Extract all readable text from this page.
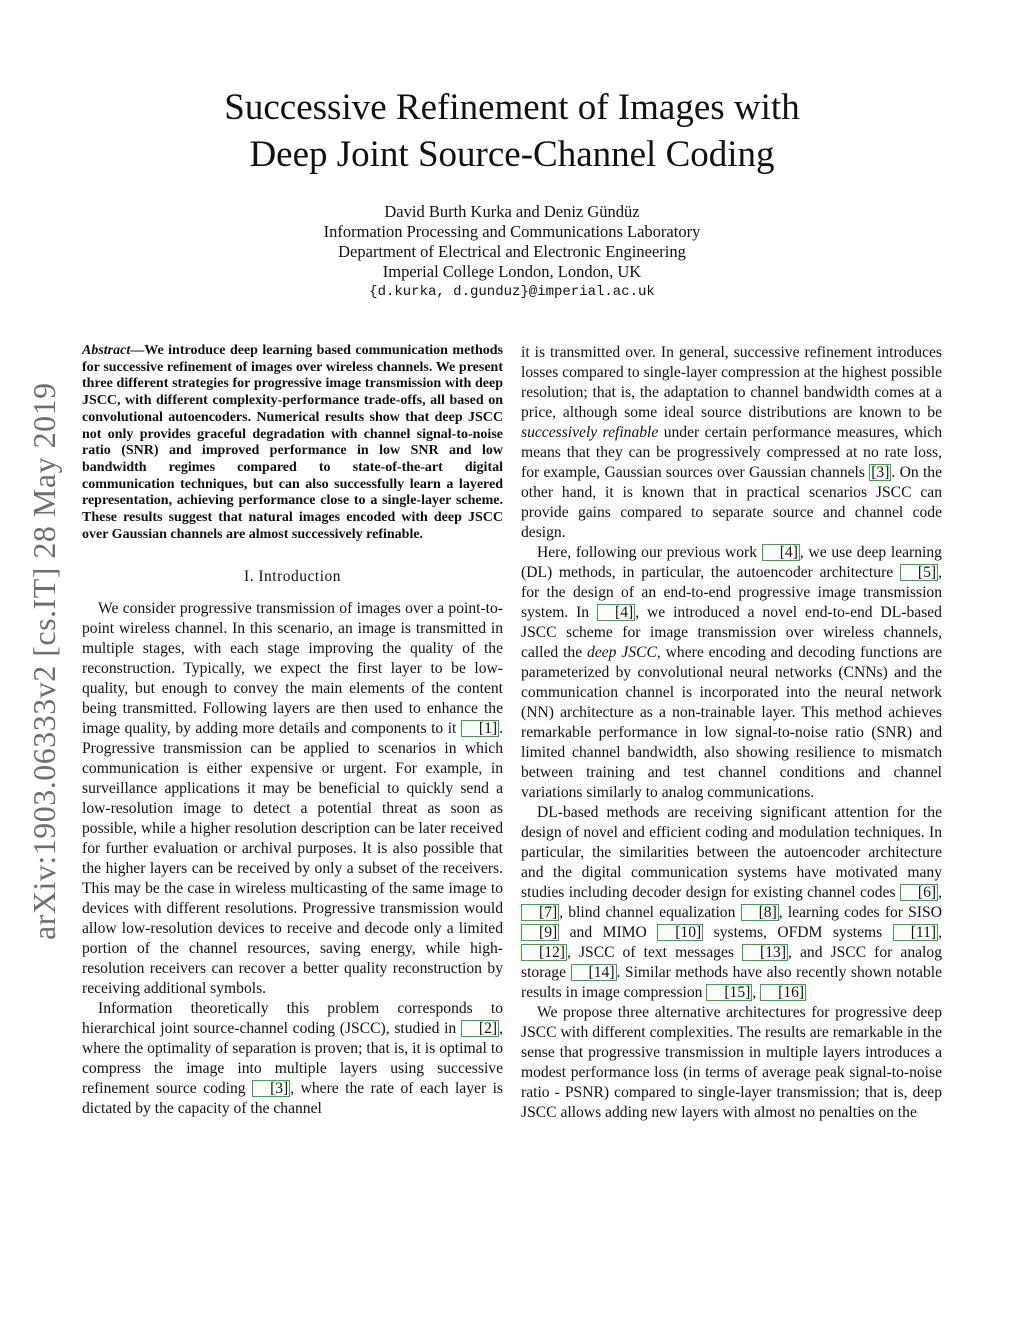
Successive Refinement of Images with
Deep Joint Source-Channel Coding
David Burth Kurka and Deniz Gündüz
Information Processing and Communications Laboratory
Department of Electrical and Electronic Engineering
Imperial College London, London, UK
{d.kurka, d.gunduz}@imperial.ac.uk
arXiv:1903.06333v2 [cs.IT] 28 May 2019

Abstract—We introduce deep learning based communication methods for successive refinement of images over wireless channels. We present three different strategies for progressive image transmission with deep JSCC, with different complexity-performance trade-offs, all based on convolutional autoencoders. Numerical results show that deep JSCC not only provides graceful degradation with channel signal-to-noise ratio (SNR) and improved performance in low SNR and low bandwidth regimes compared to state-of-the-art digital communication techniques, but can also successfully learn a layered representation, achieving performance close to a single-layer scheme. These results suggest that natural images encoded with deep JSCC over Gaussian channels are almost successively refinable.

I. Introduction

We consider progressive transmission of images over a point-to-point wireless channel. In this scenario, an image is transmitted in multiple stages, with each stage improving the quality of the reconstruction. Typically, we expect the first layer to be low-quality, but enough to convey the main elements of the content being transmitted. Following layers are then used to enhance the image quality, by adding more details and components to it [1] . Progressive transmission can be applied to scenarios in which communication is either expensive or urgent. For example, in surveillance applications it may be beneficial to quickly send a low-resolution image to detect a potential threat as soon as possible, while a higher resolution description can be later received for further evaluation or archival purposes. It is also possible that the higher layers can be received by only a subset of the receivers. This may be the case in wireless multicasting of the same image to devices with different resolutions. Progressive transmission would allow low-resolution devices to receive and decode only a limited portion of the channel resources, saving energy, while high-resolution receivers can recover a better quality reconstruction by receiving additional symbols.

Information theoretically this problem corresponds to hierarchical joint source-channel coding (JSCC), studied in [2] , where the optimality of separation is proven; that is, it is optimal to compress the image into multiple layers using successive refinement source coding [3] , where the rate of each layer is dictated by the capacity of the channel

it is transmitted over. In general, successive refinement introduces losses compared to single-layer compression at the highest possible resolution; that is, the adaptation to channel bandwidth comes at a price, although some ideal source distributions are known to be successively refinable under certain performance measures, which means that they can be progressively compressed at no rate loss, for example, Gaussian sources over Gaussian channels [3] . On the other hand, it is known that in practical scenarios JSCC can provide gains compared to separate source and channel code design.

Here, following our previous work [4] , we use deep learning (DL) methods, in particular, the autoencoder architecture [5] , for the design of an end-to-end progressive image transmission system. In [4] , we introduced a novel end-to-end DL-based JSCC scheme for image transmission over wireless channels, called the deep JSCC, where encoding and decoding functions are parameterized by convolutional neural networks (CNNs) and the communication channel is incorporated into the neural network (NN) architecture as a non-trainable layer. This method achieves remarkable performance in low signal-to-noise ratio (SNR) and limited channel bandwidth, also showing resilience to mismatch between training and test channel conditions and channel variations similarly to analog communications.

DL-based methods are receiving significant attention for the design of novel and efficient coding and modulation techniques. In particular, the similarities between the autoencoder architecture and the digital communication systems have motivated many studies including decoder design for existing channel codes [6] , [7] , blind channel equalization [8] , learning codes for SISO [9] and MIMO [10] systems, OFDM systems [11] , [12] , JSCC of text messages [13] , and JSCC for analog storage [14] . Similar methods have also recently shown notable results in image compression [15] , [16]

We propose three alternative architectures for progressive deep JSCC with different complexities. The results are remarkable in the sense that progressive transmission in multiple layers introduces a modest performance loss (in terms of average peak signal-to-noise ratio - PSNR) compared to single-layer transmission; that is, deep JSCC allows adding new layers with almost no penalties on the
